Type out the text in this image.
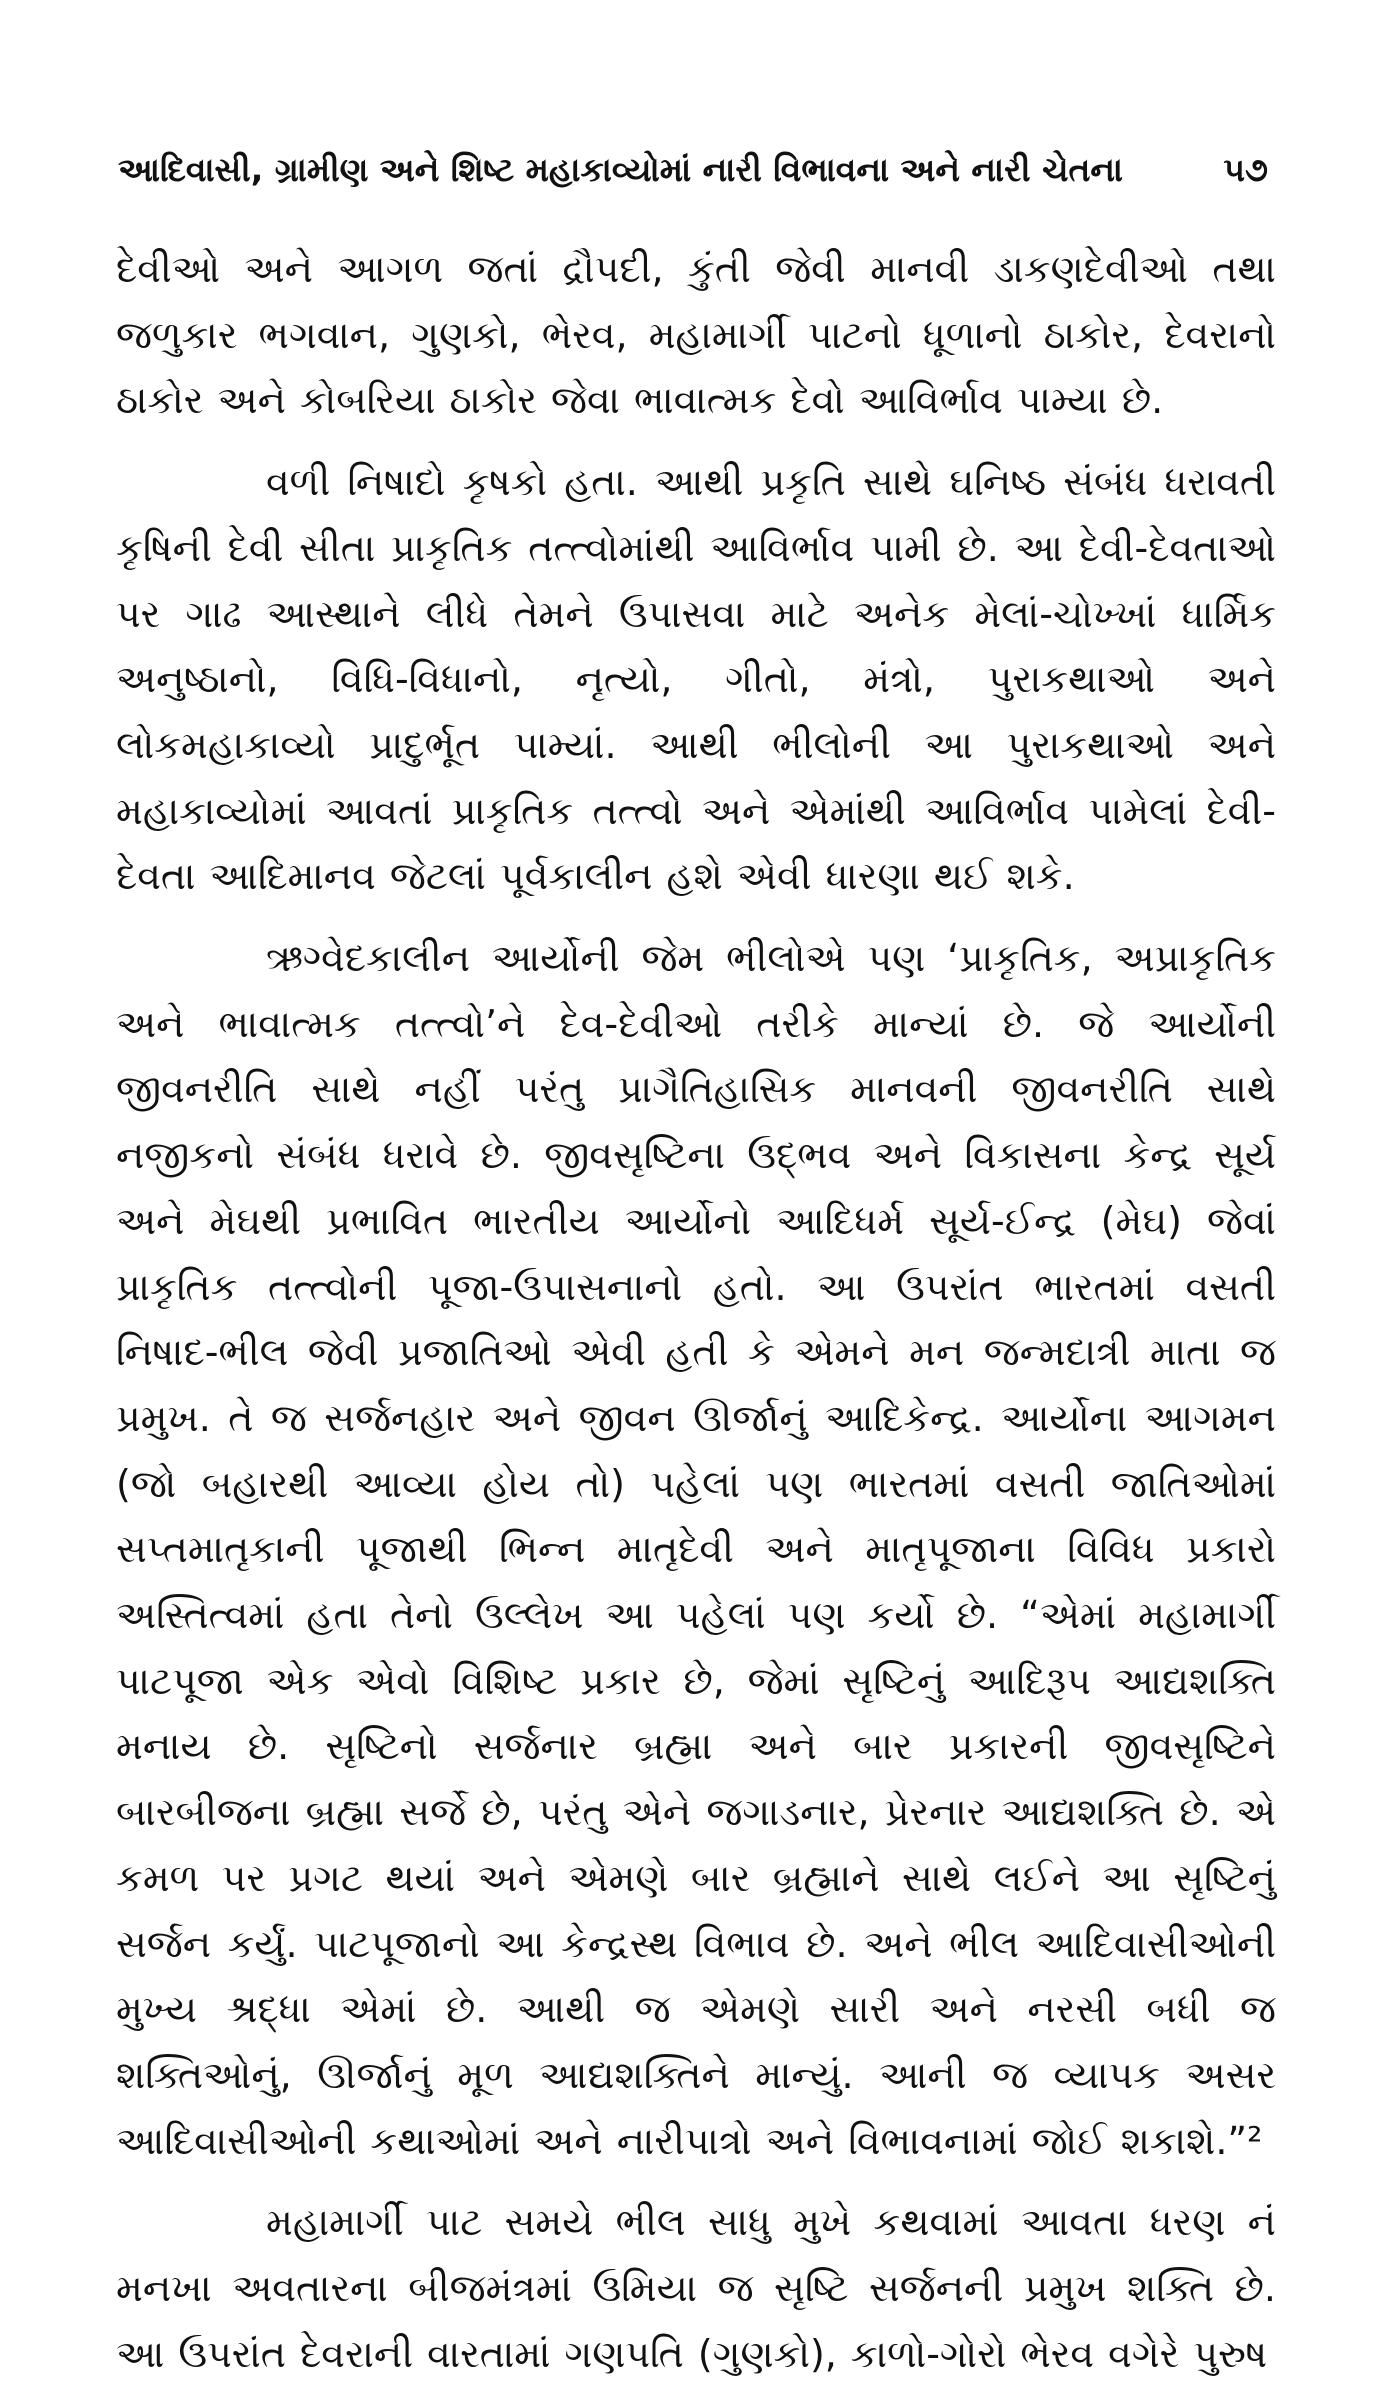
આદિવાસી, ગ્રામીણ અને શિષ્ટ મહાકાવ્યોમાં નારી વિભાવના અને નારી ચેતના	૫૭

દેવીઓ અને આગળ જતાં દ્રૌપદી, કુંતી જેવી માનવી ડાકણદેવીઓ તથા જળુકાર ભગવાન, ગુણકો, ભેરવ, મહામાર્ગી પાટનો ધૂળાનો ઠાકોર, દેવરાનો ઠાકોર અને કોબરિયા ઠાકોર જેવા ભાવાત્મક દેવો આવિર્ભાવ પામ્યા છે.

વળી નિષાદો કૃષકો હતા. આથી પ્રકૃતિ સાથે ઘનિષ્ઠ સંબંધ ધરાવતી કૃષિની દેવી સીતા પ્રાકૃતિક તત્ત્વોમાંથી આવિર્ભાવ પામી છે. આ દેવી-દેવતાઓ પર ગાઢ આસ્થાને લીધે તેમને ઉપાસવા માટે અનેક મેલાં-ચોખ્ખાં ધાર્મિક અનુષ્ઠાનો, વિધિ-વિધાનો, નૃત્યો, ગીતો, મંત્રો, પુરાકથાઓ અને લોકમહાકાવ્યો પ્રાદુર્ભૂત પામ્યાં. આથી ભીલોની આ પુરાકથાઓ અને મહાકાવ્યોમાં આવતાં પ્રાકૃતિક તત્ત્વો અને એમાંથી આવિર્ભાવ પામેલાં દેવી-દેવતા આદિમાનવ જેટલાં પૂર્વકાલીન હશે એવી ધારણા થઈ શકે.

ઋગ્વેદકાલીન આર્યોની જેમ ભીલોએ પણ ‘પ્રાકૃતિક, અપ્રાકૃતિક અને ભાવાત્મક તત્ત્વો’ને દેવ-દેવીઓ તરીકે માન્યાં છે. જે આર્યોની જીવનરીતિ સાથે નહીં પરંતુ પ્રાગૈતિહાસિક માનવની જીવનરીતિ સાથે નજીકનો સંબંધ ધરાવે છે. જીવસૃષ્ટિના ઉદ્ભવ અને વિકાસના કેન્દ્ર સૂર્ય અને મેઘથી પ્રભાવિત ભારતીય આર્યોનો આદિધર્મ સૂર્ય-ઈન્દ્ર (મેઘ) જેવાં પ્રાકૃતિક તત્ત્વોની પૂજા-ઉપાસનાનો હતો. આ ઉપરાંત ભારતમાં વસતી નિષાદ-ભીલ જેવી પ્રજાતિઓ એવી હતી કે એમને મન જન્મદાત્રી માતા જ પ્રમુખ. તે જ સર્જનહાર અને જીવન ઊર્જાનું આદિકેન્દ્ર. આર્યોના આગમન (જો બહારથી આવ્યા હોય તો) પહેલાં પણ ભારતમાં વસતી જાતિઓમાં સપ્તમાતૃકાની પૂજાથી ભિન્ન માતૃદેવી અને માતૃપૂજાના વિવિધ પ્રકારો અસ્તિત્વમાં હતા તેનો ઉલ્લેખ આ પહેલાં પણ કર્યો છે. “એમાં મહામાર્ગી પાટપૂજા એક એવો વિશિષ્ટ પ્રકાર છે, જેમાં સૃષ્ટિનું આદિરૂપ આદ્યશક્તિ મનાય છે. સૃષ્ટિનો સર્જનાર બ્રહ્મા અને બાર પ્રકારની જીવસૃષ્ટિને બારબીજના બ્રહ્મા સર્જે છે, પરંતુ એને જગાડનાર, પ્રેરનાર આદ્યશક્તિ છે. એ કમળ પર પ્રગટ થયાં અને એમણે બાર બ્રહ્માને સાથે લઈને આ સૃષ્ટિનું સર્જન કર્યું. પાટપૂજાનો આ કેન્દ્રસ્થ વિભાવ છે. અને ભીલ આદિવાસીઓની મુખ્ય શ્રદ્ધા એમાં છે. આથી જ એમણે સારી અને નરસી બધી જ શક્તિઓનું, ઊર્જાનું મૂળ આદ્યશક્તિને માન્યું. આની જ વ્યાપક અસર આદિવાસીઓની કથાઓમાં અને નારીપાત્રો અને વિભાવનામાં જોઈ શકાશે.”²

મહામાર્ગી પાટ સમયે ભીલ સાધુ મુખે કથવામાં આવતા ધરણ નં મનખા અવતારના બીજમંત્રમાં ઉમિયા જ સૃષ્ટિ સર્જનની પ્રમુખ શક્તિ છે. આ ઉપરાંત દેવરાની વારતામાં ગણપતિ (ગુણકો), કાળો-ગોરો ભેરવ વગેરે પુરુષ
